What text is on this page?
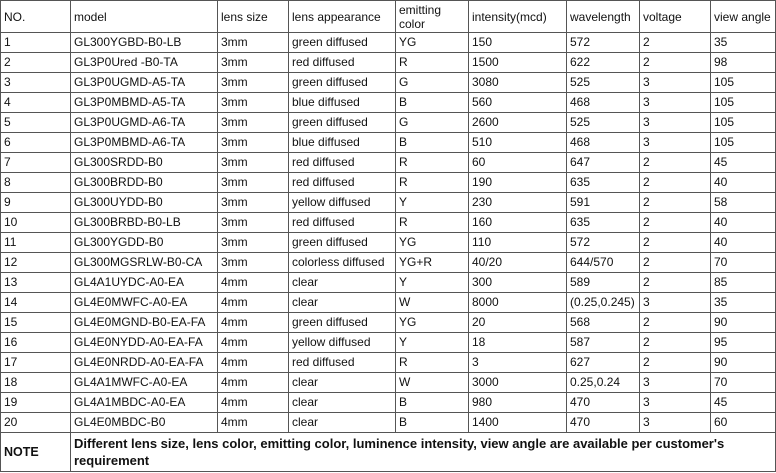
NO.	model	lens size	lens appearance	emitting color	intensity(mcd)	wavelength	voltage	view angle
1	GL300YGBD-B0-LB	3mm	green diffused	YG	150	572	2	35
2	GL3P0Ured -B0-TA	3mm	red diffused	R	1500	622	2	98
3	GL3P0UGMD-A5-TA	3mm	green diffused	G	3080	525	3	105
4	GL3P0MBMD-A5-TA	3mm	blue diffused	B	560	468	3	105
5	GL3P0UGMD-A6-TA	3mm	green diffused	G	2600	525	3	105
6	GL3P0MBMD-A6-TA	3mm	blue diffused	B	510	468	3	105
7	GL300SRDD-B0	3mm	red diffused	R	60	647	2	45
8	GL300BRDD-B0	3mm	red diffused	R	190	635	2	40
9	GL300UYDD-B0	3mm	yellow diffused	Y	230	591	2	58
10	GL300BRBD-B0-LB	3mm	red diffused	R	160	635	2	40
11	GL300YGDD-B0	3mm	green diffused	YG	110	572	2	40
12	GL300MGSRLW-B0-CA	3mm	colorless diffused	YG+R	40/20	644/570	2	70
13	GL4A1UYDC-A0-EA	4mm	clear	Y	300	589	2	85
14	GL4E0MWFC-A0-EA	4mm	clear	W	8000	(0.25,0.245)	3	35
15	GL4E0MGND-B0-EA-FA	4mm	green diffused	YG	20	568	2	90
16	GL4E0NYDD-A0-EA-FA	4mm	yellow diffused	Y	18	587	2	95
17	GL4E0NRDD-A0-EA-FA	4mm	red diffused	R	3	627	2	90
18	GL4A1MWFC-A0-EA	4mm	clear	W	3000	0.25,0.24	3	70
19	GL4A1MBDC-A0-EA	4mm	clear	B	980	470	3	45
20	GL4E0MBDC-B0	4mm	clear	B	1400	470	3	60
NOTE	Different lens size, lens color, emitting color, luminence intensity, view angle are available per customer's requirement							
